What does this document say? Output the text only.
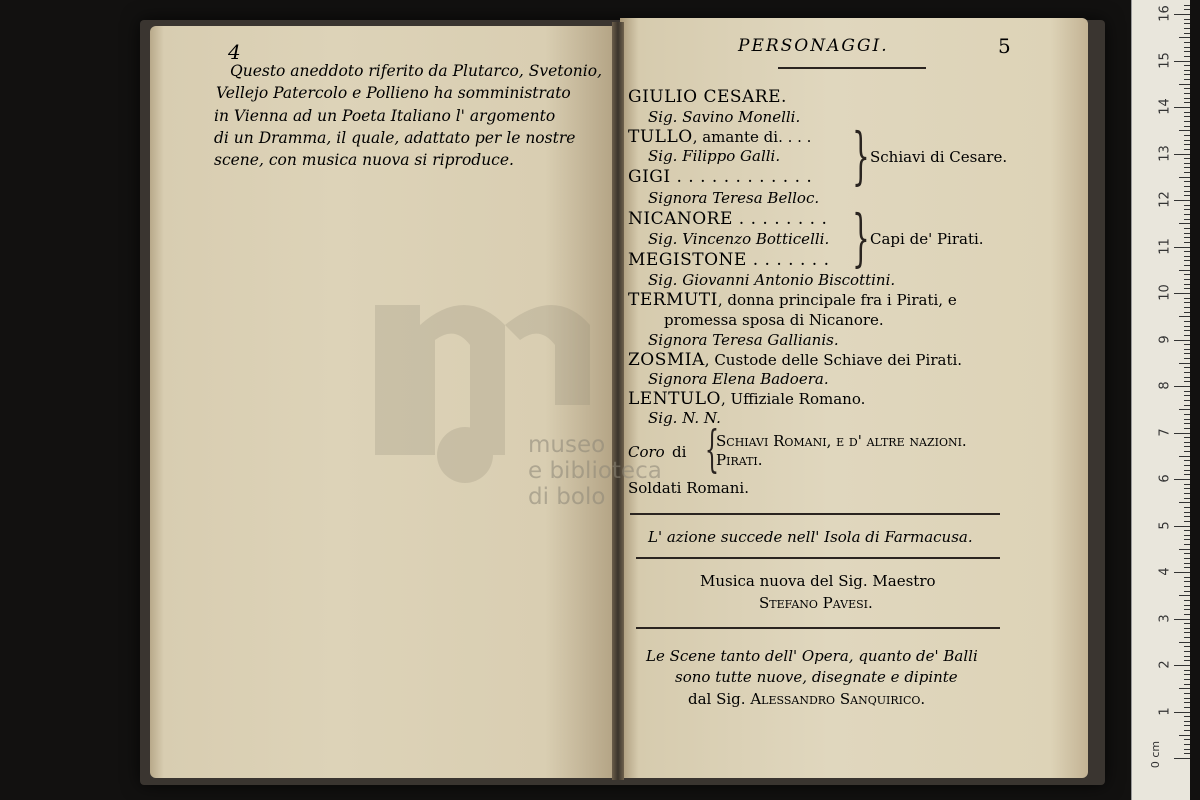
museo
e biblioteca
di bolo
4
Questo aneddoto riferito da Plutarco, Svetonio,
Vellejo Patercolo e Pollieno ha somministrato
in Vienna ad un Poeta Italiano l' argomento
di un Dramma, il quale, adattato per le nostre
scene, con musica nuova si riproduce.
PERSONAGGI.	5
GIULIO CESARE.
Sig. Savino Monelli.
TULLO, amante di. . . .
Sig. Filippo Galli.
GIGI . . . . . . . . . . . .
Signora Teresa Belloc.
} Schiavi di Cesare.
NICANORE . . . . . . . .
Sig. Vincenzo Botticelli.
MEGISTONE . . . . . . . } Capi de' Pirati.
Sig. Giovanni Antonio Biscottini.
TERMUTI, donna principale fra i Pirati, e
promessa sposa di Nicanore.
Signora Teresa Gallianis.
ZOSMIA, Custode delle Schiave dei Pirati.
Signora Elena Badoera.
LENTULO, Uffiziale Romano.
Sig. N. N.
Coro di }
Schiavi Romani, e d' altre nazioni.
Pirati.
Soldati Romani.
L' azione succede nell' Isola di Farmacusa.
Musica nuova del Sig. Maestro
Stefano Pavesi.
Le Scene tanto dell' Opera, quanto de' Balli
sono tutte nuove, disegnate e dipinte
dal Sig. Alessandro Sanquirico.
0 cm
1
2
3
4
5
6
7
8
9
10
11
12
13
14
15
16
